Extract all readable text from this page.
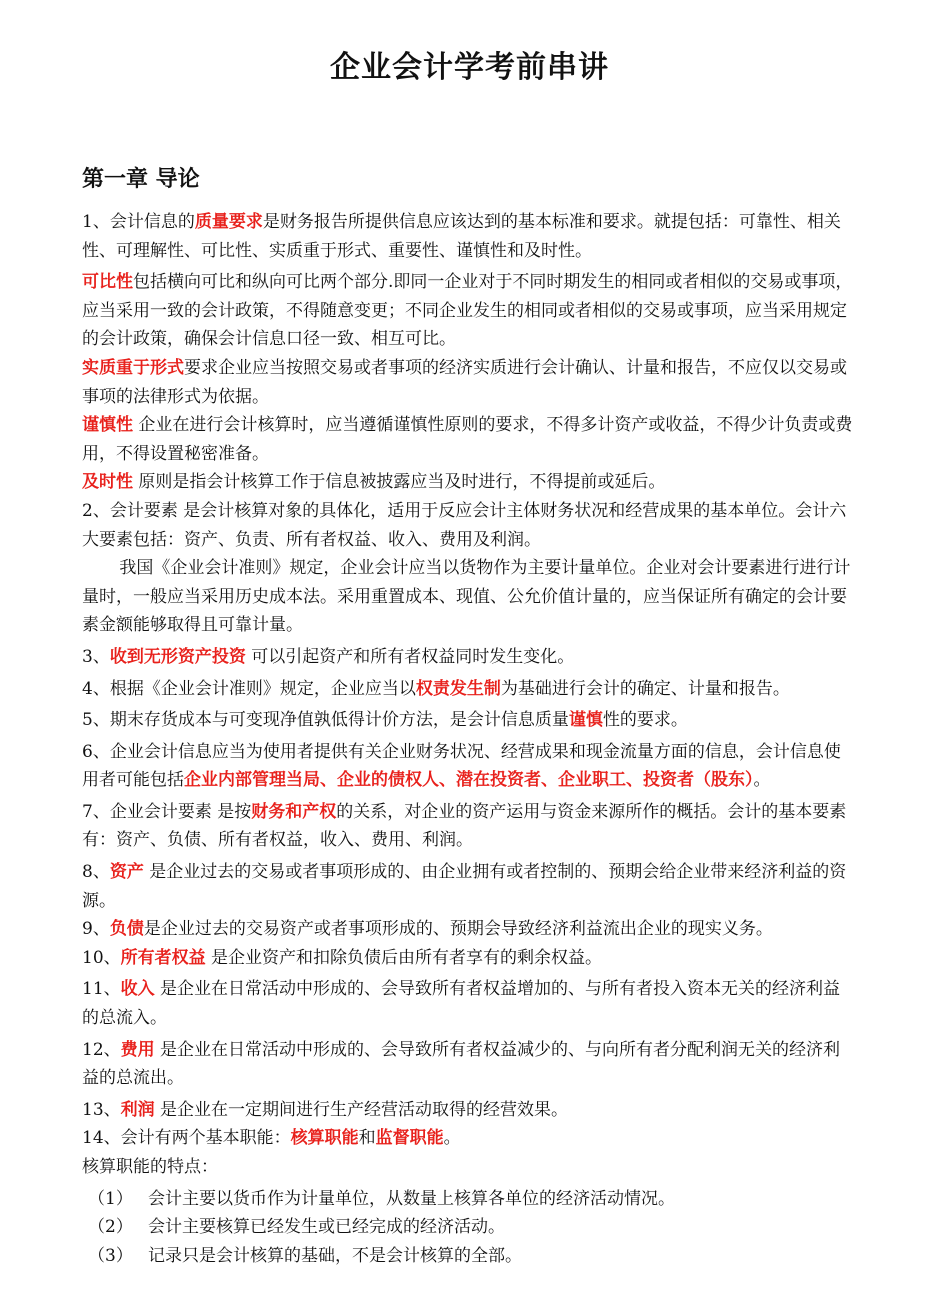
企业会计学考前串讲
第一章 导论

1、会计信息的质量要求是财务报告所提供信息应该达到的基本标准和要求。就提包括：可靠性、相关性、可理解性、可比性、实质重于形式、重要性、谨慎性和及时性。

可比性包括横向可比和纵向可比两个部分.即同一企业对于不同时期发生的相同或者相似的交易或事项，应当采用一致的会计政策，不得随意变更；不同企业发生的相同或者相似的交易或事项，应当采用规定的会计政策，确保会计信息口径一致、相互可比。

实质重于形式要求企业应当按照交易或者事项的经济实质进行会计确认、计量和报告，不应仅以交易或事项的法律形式为依据。

谨慎性 企业在进行会计核算时，应当遵循谨慎性原则的要求，不得多计资产或收益，不得少计负责或费用，不得设置秘密准备。

及时性 原则是指会计核算工作于信息被披露应当及时进行，不得提前或延后。

2、会计要素 是会计核算对象的具体化，适用于反应会计主体财务状况和经营成果的基本单位。会计六大要素包括：资产、负责、所有者权益、收入、费用及利润。

我国《企业会计准则》规定，企业会计应当以货物作为主要计量单位。企业对会计要素进行进行计量时，一般应当采用历史成本法。采用重置成本、现值、公允价值计量的，应当保证所有确定的会计要素金额能够取得且可靠计量。

3、收到无形资产投资 可以引起资产和所有者权益同时发生变化。

4、根据《企业会计准则》规定，企业应当以权责发生制为基础进行会计的确定、计量和报告。

5、期末存货成本与可变现净值孰低得计价方法，是会计信息质量谨慎性的要求。

6、企业会计信息应当为使用者提供有关企业财务状况、经营成果和现金流量方面的信息，会计信息使用者可能包括企业内部管理当局、企业的债权人、潜在投资者、企业职工、投资者（股东）。

7、企业会计要素 是按财务和产权的关系，对企业的资产运用与资金来源所作的概括。会计的基本要素有：资产、负债、所有者权益，收入、费用、利润。

8、资产 是企业过去的交易或者事项形成的、由企业拥有或者控制的、预期会给企业带来经济利益的资源。

9、负债是企业过去的交易资产或者事项形成的、预期会导致经济利益流出企业的现实义务。

10、所有者权益 是企业资产和扣除负债后由所有者享有的剩余权益。

11、收入 是企业在日常活动中形成的、会导致所有者权益增加的、与所有者投入资本无关的经济利益的总流入。

12、费用 是企业在日常活动中形成的、会导致所有者权益减少的、与向所有者分配利润无关的经济利益的总流出。

13、利润 是企业在一定期间进行生产经营活动取得的经营效果。

14、会计有两个基本职能：核算职能和监督职能。

核算职能的特点：

（1） 会计主要以货币作为计量单位，从数量上核算各单位的经济活动情况。
（2） 会计主要核算已经发生或已经完成的经济活动。
（3） 记录只是会计核算的基础，不是会计核算的全部。
